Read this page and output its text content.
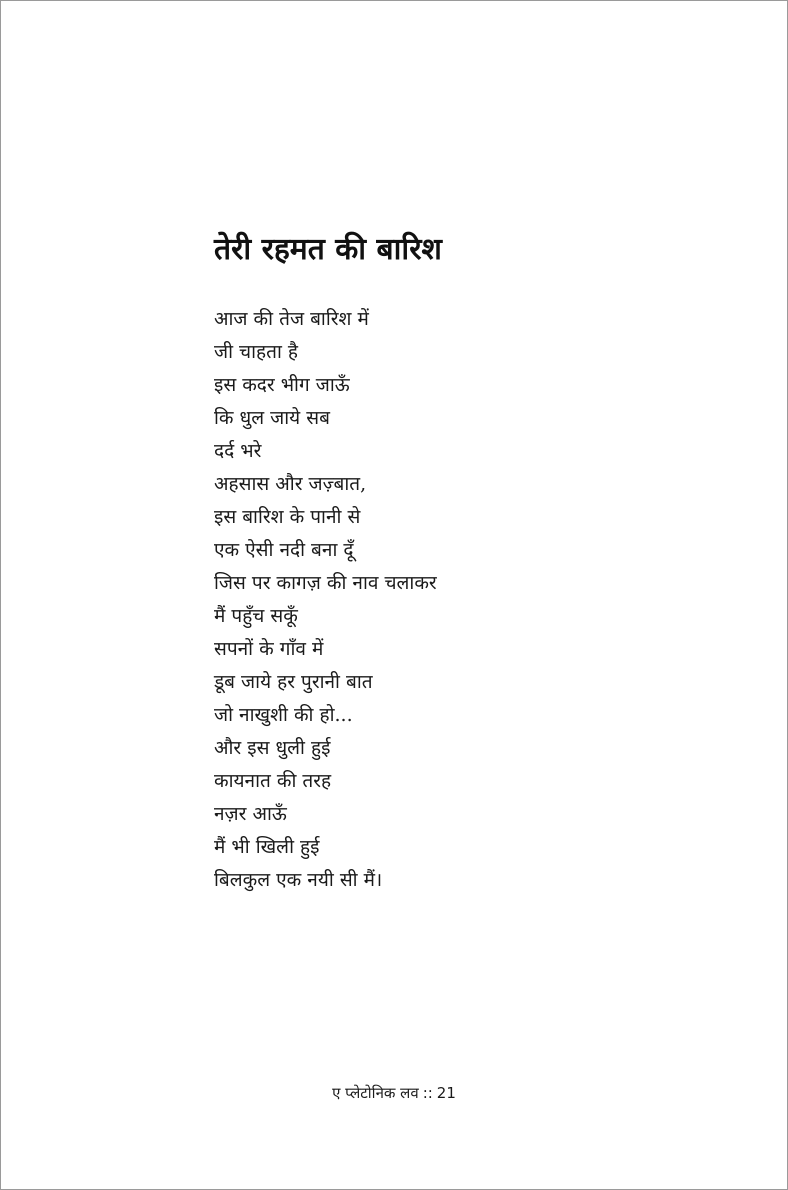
तेरी रहमत की बारिश
आज की तेज बारिश में
जी चाहता है
इस कदर भीग जाऊँ
कि धुल जाये सब
दर्द भरे
अहसास और जज़्बात,
इस बारिश के पानी से
एक ऐसी नदी बना दूँ
जिस पर कागज़ की नाव चलाकर
मैं पहुँच सकूँ
सपनों के गाँव में
डूब जाये हर पुरानी बात
जो नाखुशी की हो...
और इस धुली हुई
कायनात की तरह
नज़र आऊँ
मैं भी खिली हुई
बिलकुल एक नयी सी मैं।
ए प्लेटोनिक लव :: 21
